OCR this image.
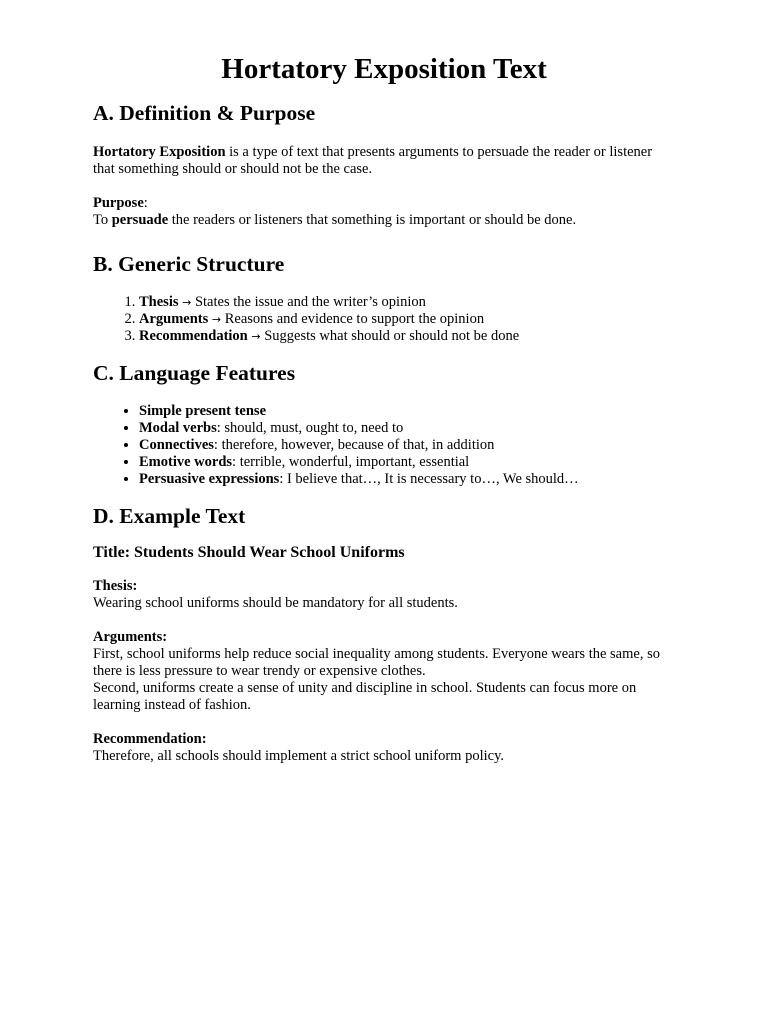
Hortatory Exposition Text
A. Definition & Purpose

Hortatory Exposition is a type of text that presents arguments to persuade the reader or listener that something should or should not be the case.

Purpose:

To persuade the readers or listeners that something is important or should be done.

B. Generic Structure
1. Thesis → States the issue and the writer’s opinion
2. Arguments → Reasons and evidence to support the opinion
3. Recommendation → Suggests what should or should not be done
C. Language Features
• Simple present tense
• Modal verbs: should, must, ought to, need to
• Connectives: therefore, however, because of that, in addition
• Emotive words: terrible, wonderful, important, essential
• Persuasive expressions: I believe that…, It is necessary to…, We should…
D. Example Text

Title: Students Should Wear School Uniforms

Thesis:

Wearing school uniforms should be mandatory for all students.

Arguments:

First, school uniforms help reduce social inequality among students. Everyone wears the same, so there is less pressure to wear trendy or expensive clothes.

Second, uniforms create a sense of unity and discipline in school. Students can focus more on learning instead of fashion.

Recommendation:

Therefore, all schools should implement a strict school uniform policy.
